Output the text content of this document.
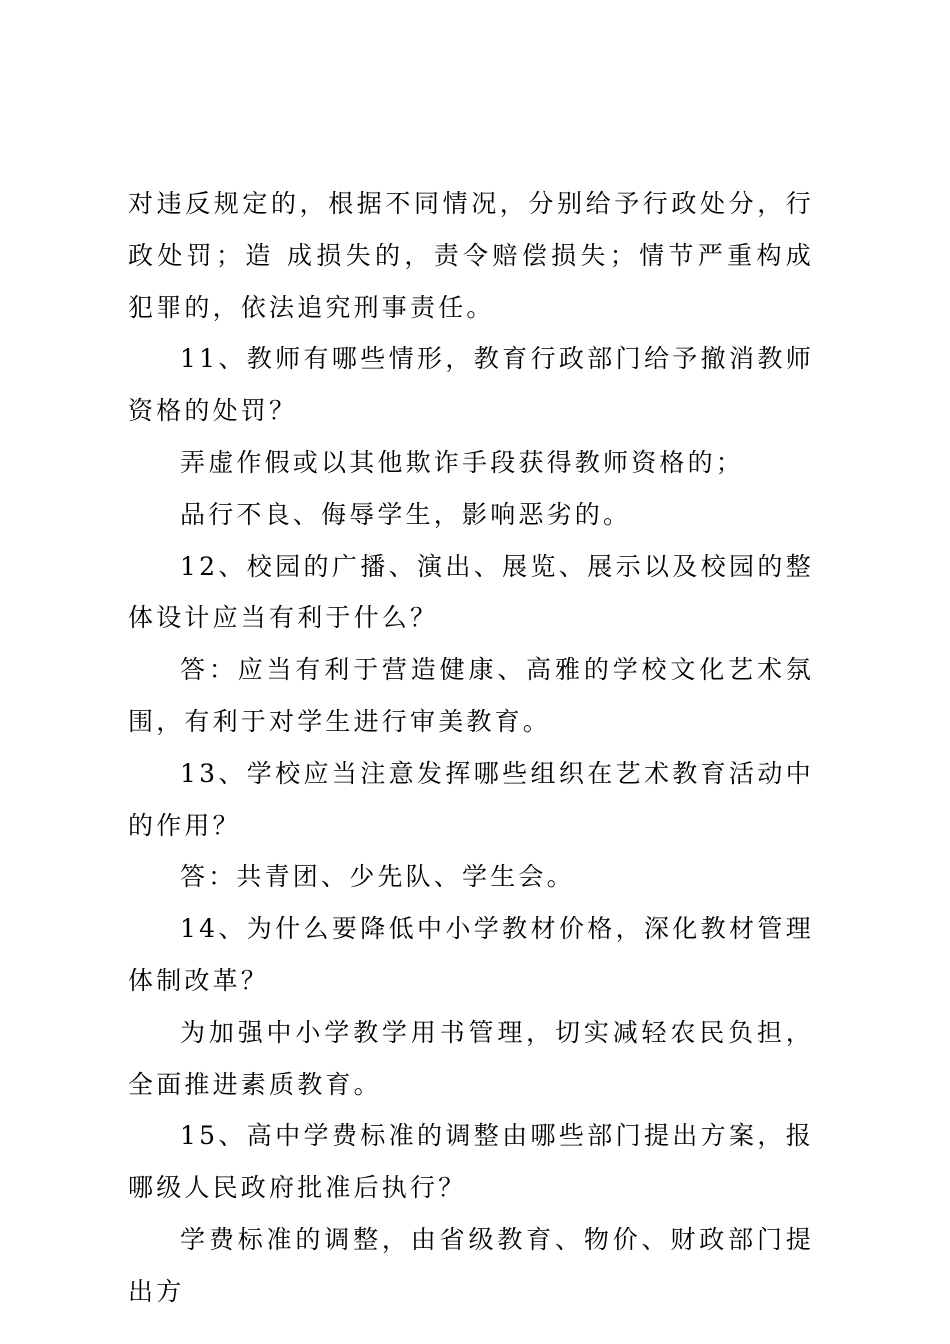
对违反规定的，根据不同情况，分别给予行政处分，行政处罚；造 成损失的，责令赔偿损失；情节严重构成犯罪的，依法追究刑事责任。

11、教师有哪些情形，教育行政部门给予撤消教师资格的处罚？

弄虚作假或以其他欺诈手段获得教师资格的；

品行不良、侮辱学生，影响恶劣的。

12、校园的广播、演出、展览、展示以及校园的整体设计应当有利于什么？

答：应当有利于营造健康、高雅的学校文化艺术氛围，有利于对学生进行审美教育。

13、学校应当注意发挥哪些组织在艺术教育活动中的作用？

答：共青团、少先队、学生会。

14、为什么要降低中小学教材价格，深化教材管理体制改革？

为加强中小学教学用书管理，切实减轻农民负担，全面推进素质教育。

15、高中学费标准的调整由哪些部门提出方案，报哪级人民政府批准后执行？

学费标准的调整，由省级教育、物价、财政部门提出方
